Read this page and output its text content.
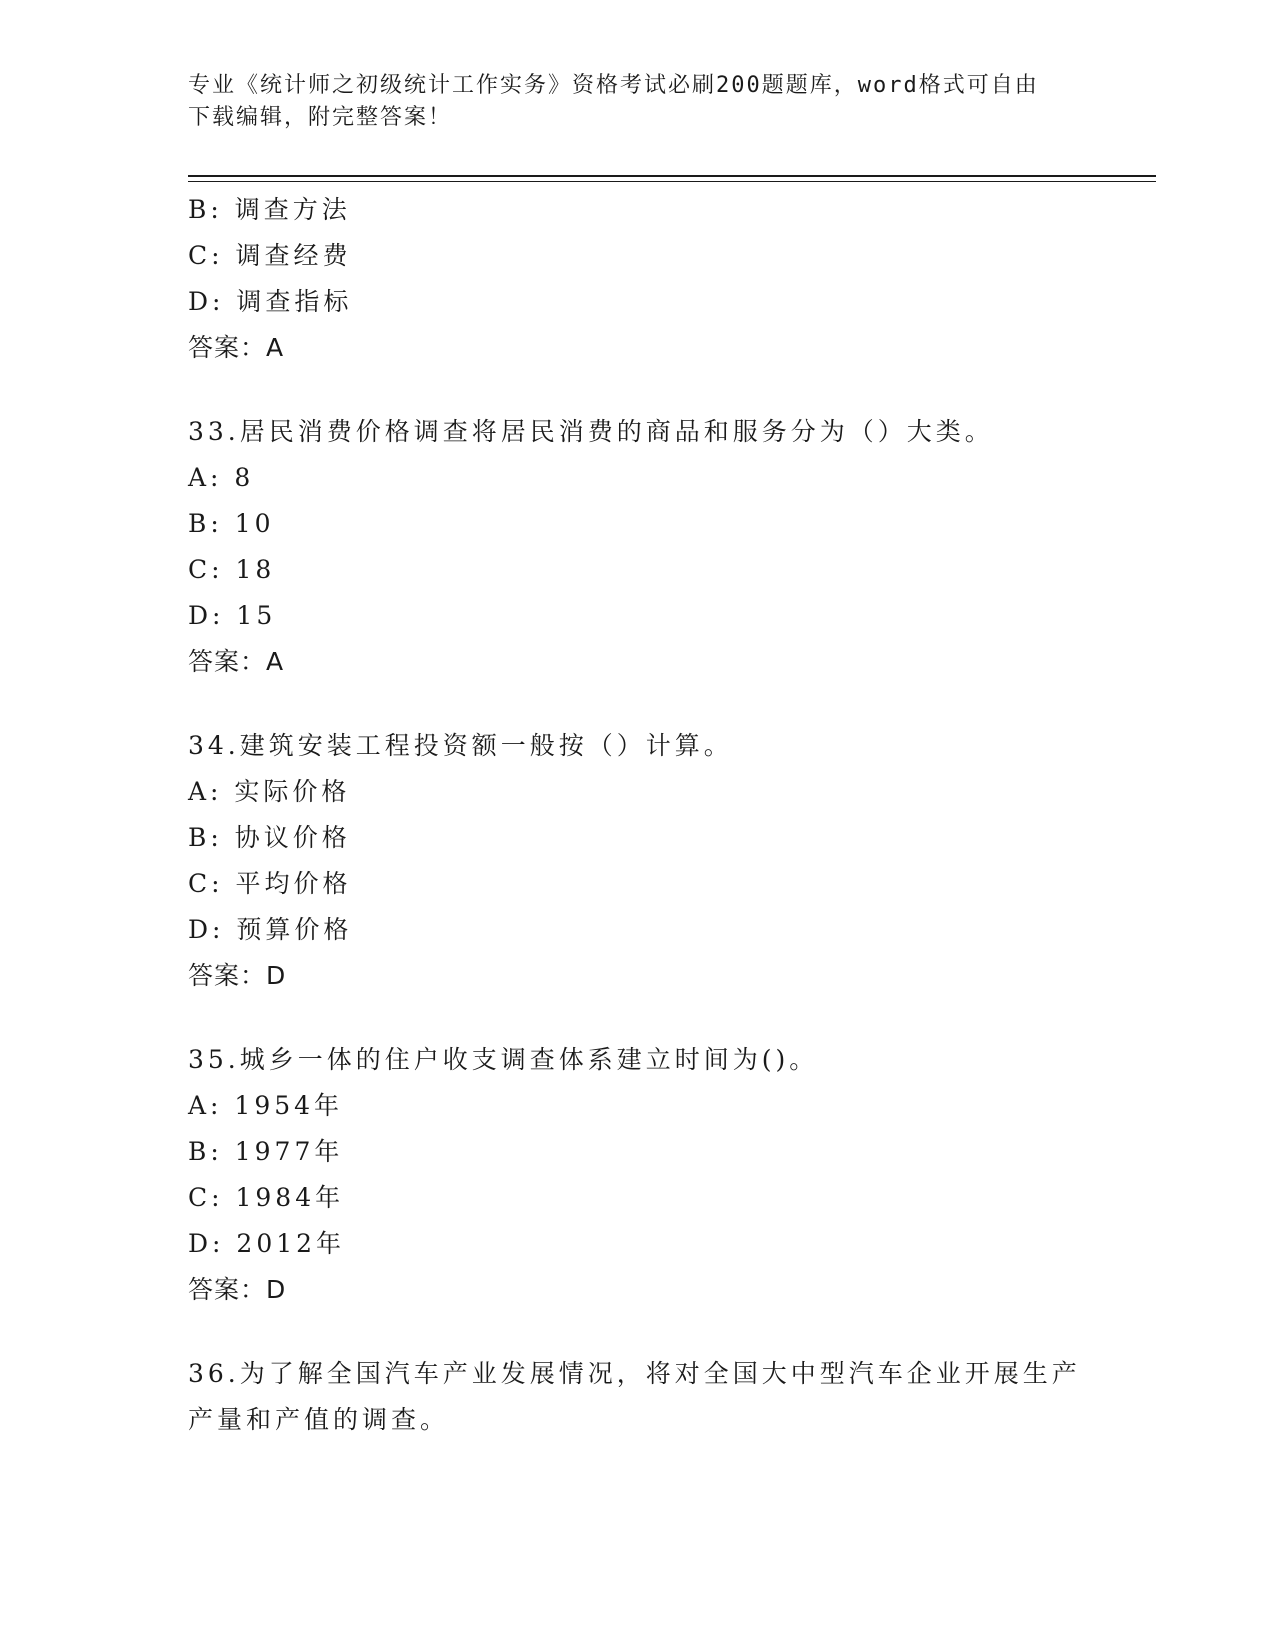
专业《统计师之初级统计工作实务》资格考试必刷200题题库，word格式可自由
下载编辑，附完整答案！
B: 调查方法
C: 调查经费
D: 调查指标
答案：A
33.居民消费价格调查将居民消费的商品和服务分为（）大类。
A: 8
B: 10
C: 18
D: 15
答案：A
34.建筑安装工程投资额一般按（）计算。
A: 实际价格
B: 协议价格
C: 平均价格
D: 预算价格
答案：D
35.城乡一体的住户收支调查体系建立时间为()。
A: 1954年
B: 1977年
C: 1984年
D: 2012年
答案：D
36.为了解全国汽车产业发展情况，将对全国大中型汽车企业开展生产
产量和产值的调查。
